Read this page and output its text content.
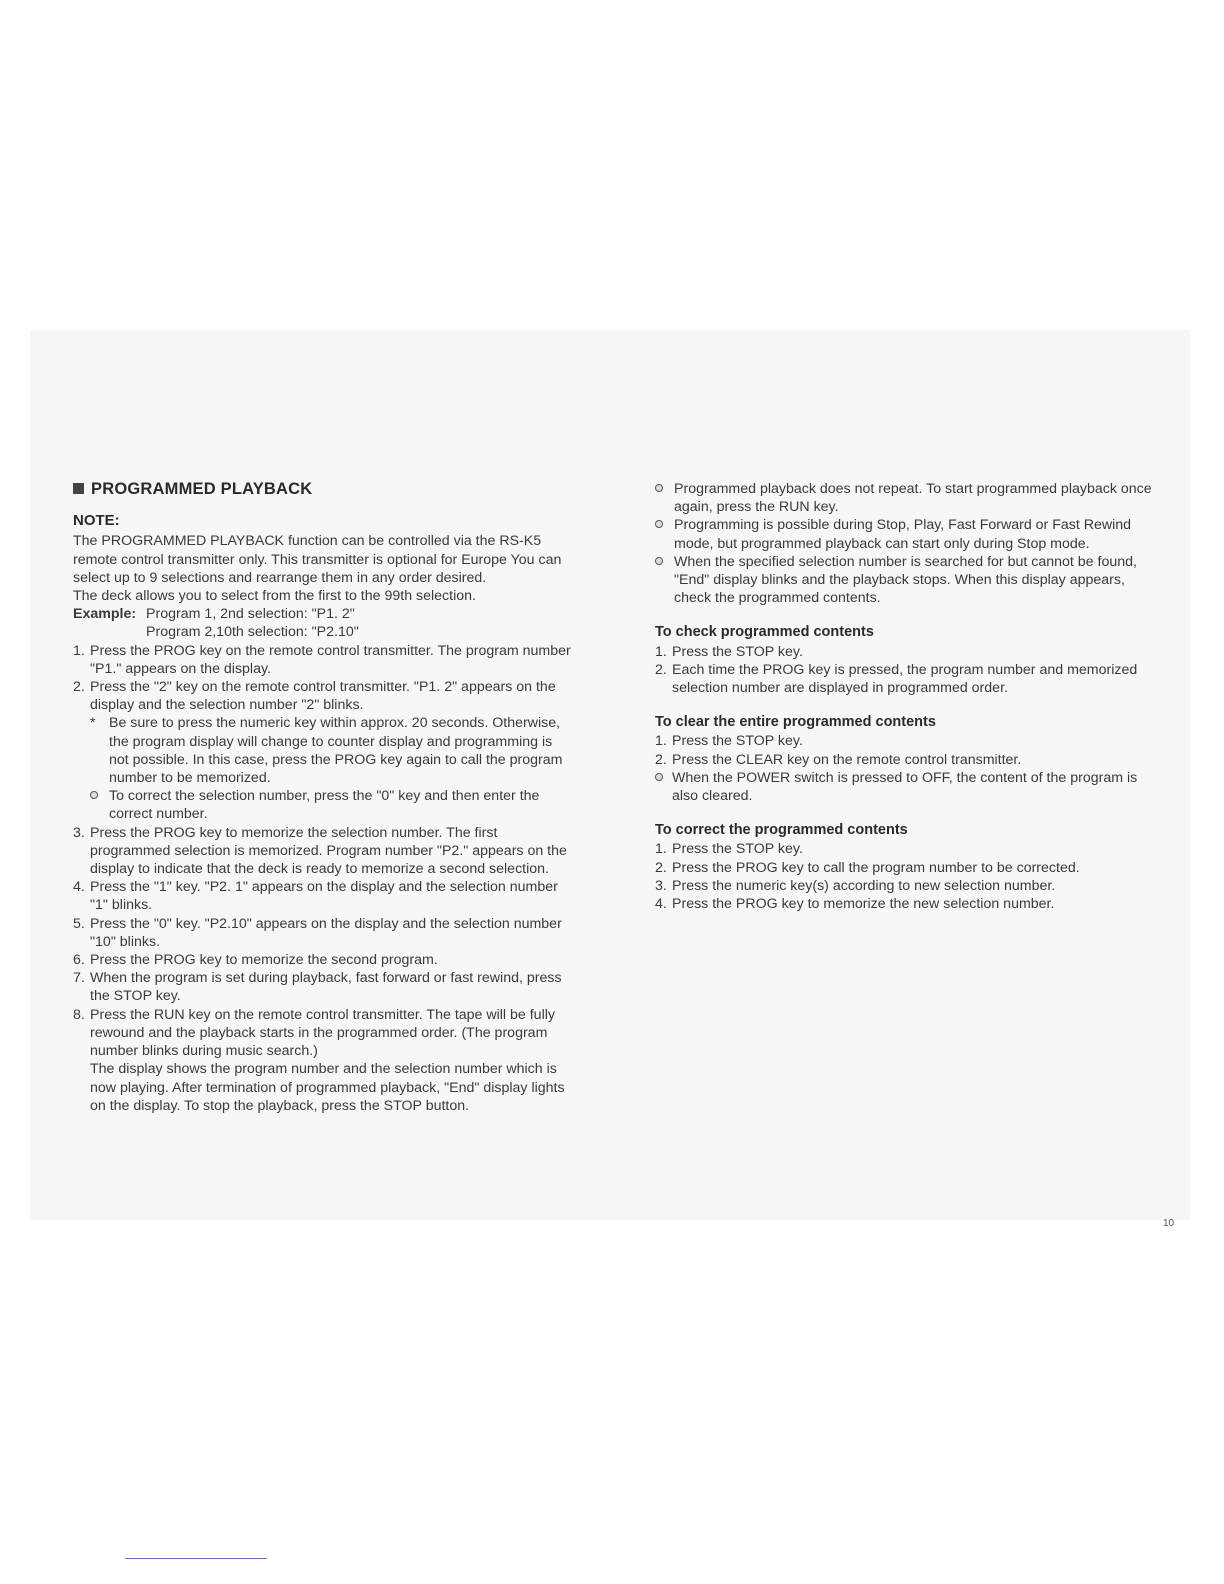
PROGRAMMED PLAYBACK
NOTE:

The PROGRAMMED PLAYBACK function can be controlled via the RS-K5

remote control transmitter only. This transmitter is optional for Europe You can

select up to 9 selections and rearrange them in any order desired.

The deck allows you to select from the first to the 99th selection.

Example: Program 1, 2nd selection: "P1. 2"
Program 2,10th selection: "P2.10"
1. Press the PROG key on the remote control transmitter. The program number
"P1." appears on the display.
2. Press the "2" key on the remote control transmitter. "P1. 2" appears on the
display and the selection number "2" blinks.
* Be sure to press the numeric key within approx. 20 seconds. Otherwise,
the program display will change to counter display and programming is
not possible. In this case, press the PROG key again to call the program
number to be memorized.
To correct the selection number, press the "0" key and then enter the
correct number.
3. Press the PROG key to memorize the selection number. The first
programmed selection is memorized. Program number "P2." appears on the
display to indicate that the deck is ready to memorize a second selection.
4. Press the "1" key. "P2. 1" appears on the display and the selection number
"1" blinks.
5. Press the "0" key. "P2.10" appears on the display and the selection number
"10" blinks.
6. Press the PROG key to memorize the second program.
7. When the program is set during playback, fast forward or fast rewind, press
the STOP key.
8. Press the RUN key on the remote control transmitter. The tape will be fully
rewound and the playback starts in the programmed order. (The program
number blinks during music search.)
The display shows the program number and the selection number which is
now playing. After termination of programmed playback, "End" display lights
on the display. To stop the playback, press the STOP button.
Programmed playback does not repeat. To start programmed playback once
again, press the RUN key.
Programming is possible during Stop, Play, Fast Forward or Fast Rewind
mode, but programmed playback can start only during Stop mode.
When the specified selection number is searched for but cannot be found,
"End" display blinks and the playback stops. When this display appears,
check the programmed contents.
To check programmed contents
1. Press the STOP key.
2. Each time the PROG key is pressed, the program number and memorized
selection number are displayed in programmed order.
To clear the entire programmed contents
1. Press the STOP key.
2. Press the CLEAR key on the remote control transmitter.
When the POWER switch is pressed to OFF, the content of the program is
also cleared.
To correct the programmed contents
1. Press the STOP key.
2. Press the PROG key to call the program number to be corrected.
3. Press the numeric key(s) according to new selection number.
4. Press the PROG key to memorize the new selection number.
10
